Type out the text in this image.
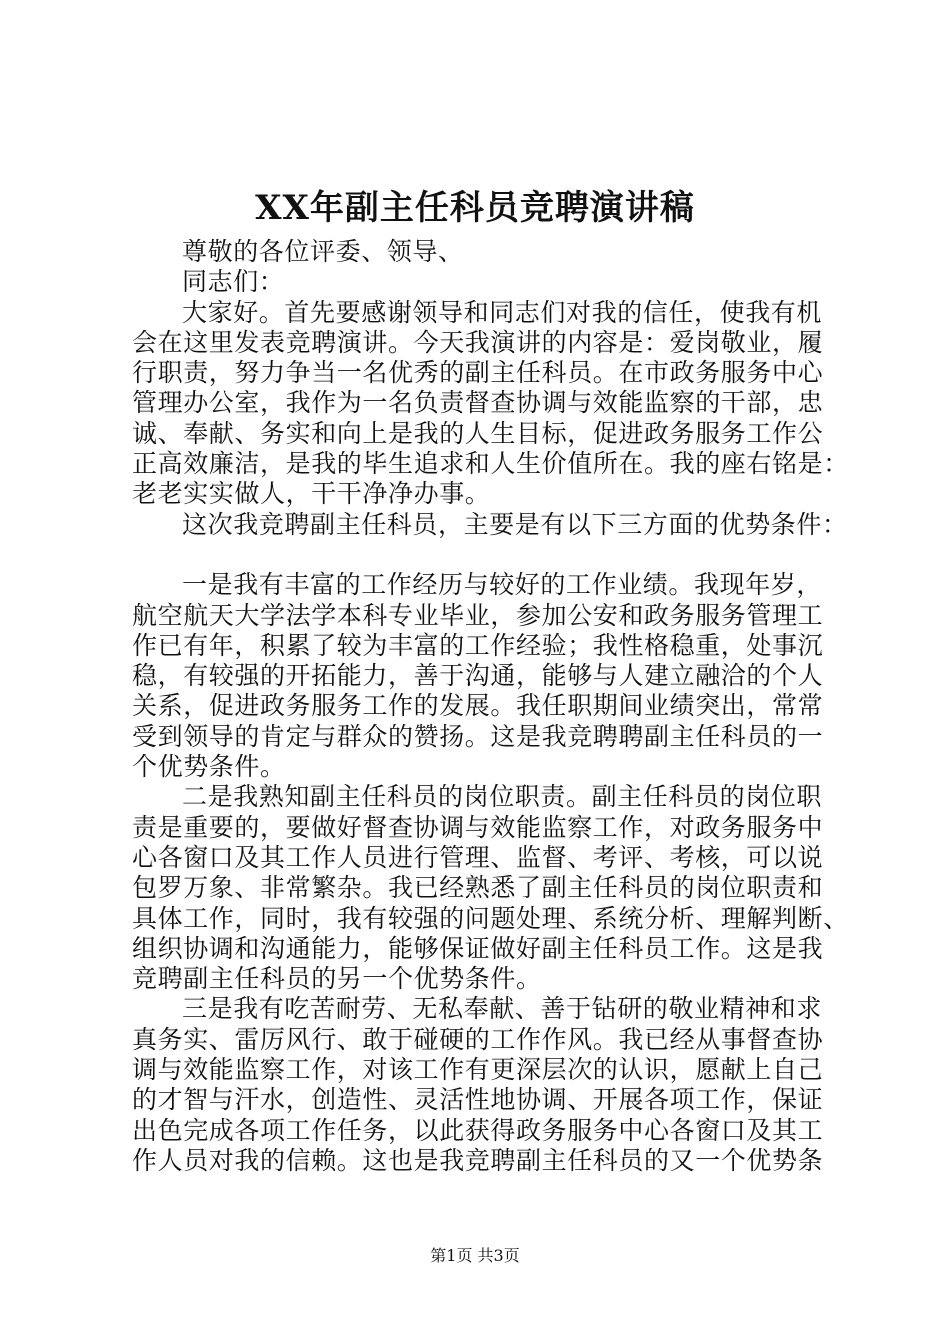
XX年副主任科员竞聘演讲稿
尊敬的各位评委、领导、
同志们：
大家好。首先要感谢领导和同志们对我的信任，使我有机
会在这里发表竞聘演讲。今天我演讲的内容是：爱岗敬业，履
行职责，努力争当一名优秀的副主任科员。在市政务服务中心
管理办公室，我作为一名负责督查协调与效能监察的干部，忠
诚、奉献、务实和向上是我的人生目标，促进政务服务工作公
正高效廉洁，是我的毕生追求和人生价值所在。我的座右铭是：
老老实实做人，干干净净办事。
这次我竞聘副主任科员，主要是有以下三方面的优势条件：
一是我有丰富的工作经历与较好的工作业绩。我现年岁，
航空航天大学法学本科专业毕业，参加公安和政务服务管理工
作已有年，积累了较为丰富的工作经验；我性格稳重，处事沉
稳，有较强的开拓能力，善于沟通，能够与人建立融洽的个人
关系，促进政务服务工作的发展。我任职期间业绩突出，常常
受到领导的肯定与群众的赞扬。这是我竞聘聘副主任科员的一
个优势条件。
二是我熟知副主任科员的岗位职责。副主任科员的岗位职
责是重要的，要做好督查协调与效能监察工作，对政务服务中
心各窗口及其工作人员进行管理、监督、考评、考核，可以说
包罗万象、非常繁杂。我已经熟悉了副主任科员的岗位职责和
具体工作，同时，我有较强的问题处理、系统分析、理解判断、
组织协调和沟通能力，能够保证做好副主任科员工作。这是我
竞聘副主任科员的另一个优势条件。
三是我有吃苦耐劳、无私奉献、善于钻研的敬业精神和求
真务实、雷厉风行、敢于碰硬的工作作风。我已经从事督查协
调与效能监察工作，对该工作有更深层次的认识，愿献上自己
的才智与汗水，创造性、灵活性地协调、开展各项工作，保证
出色完成各项工作任务，以此获得政务服务中心各窗口及其工
作人员对我的信赖。这也是我竞聘副主任科员的又一个优势条
第1页 共3页
